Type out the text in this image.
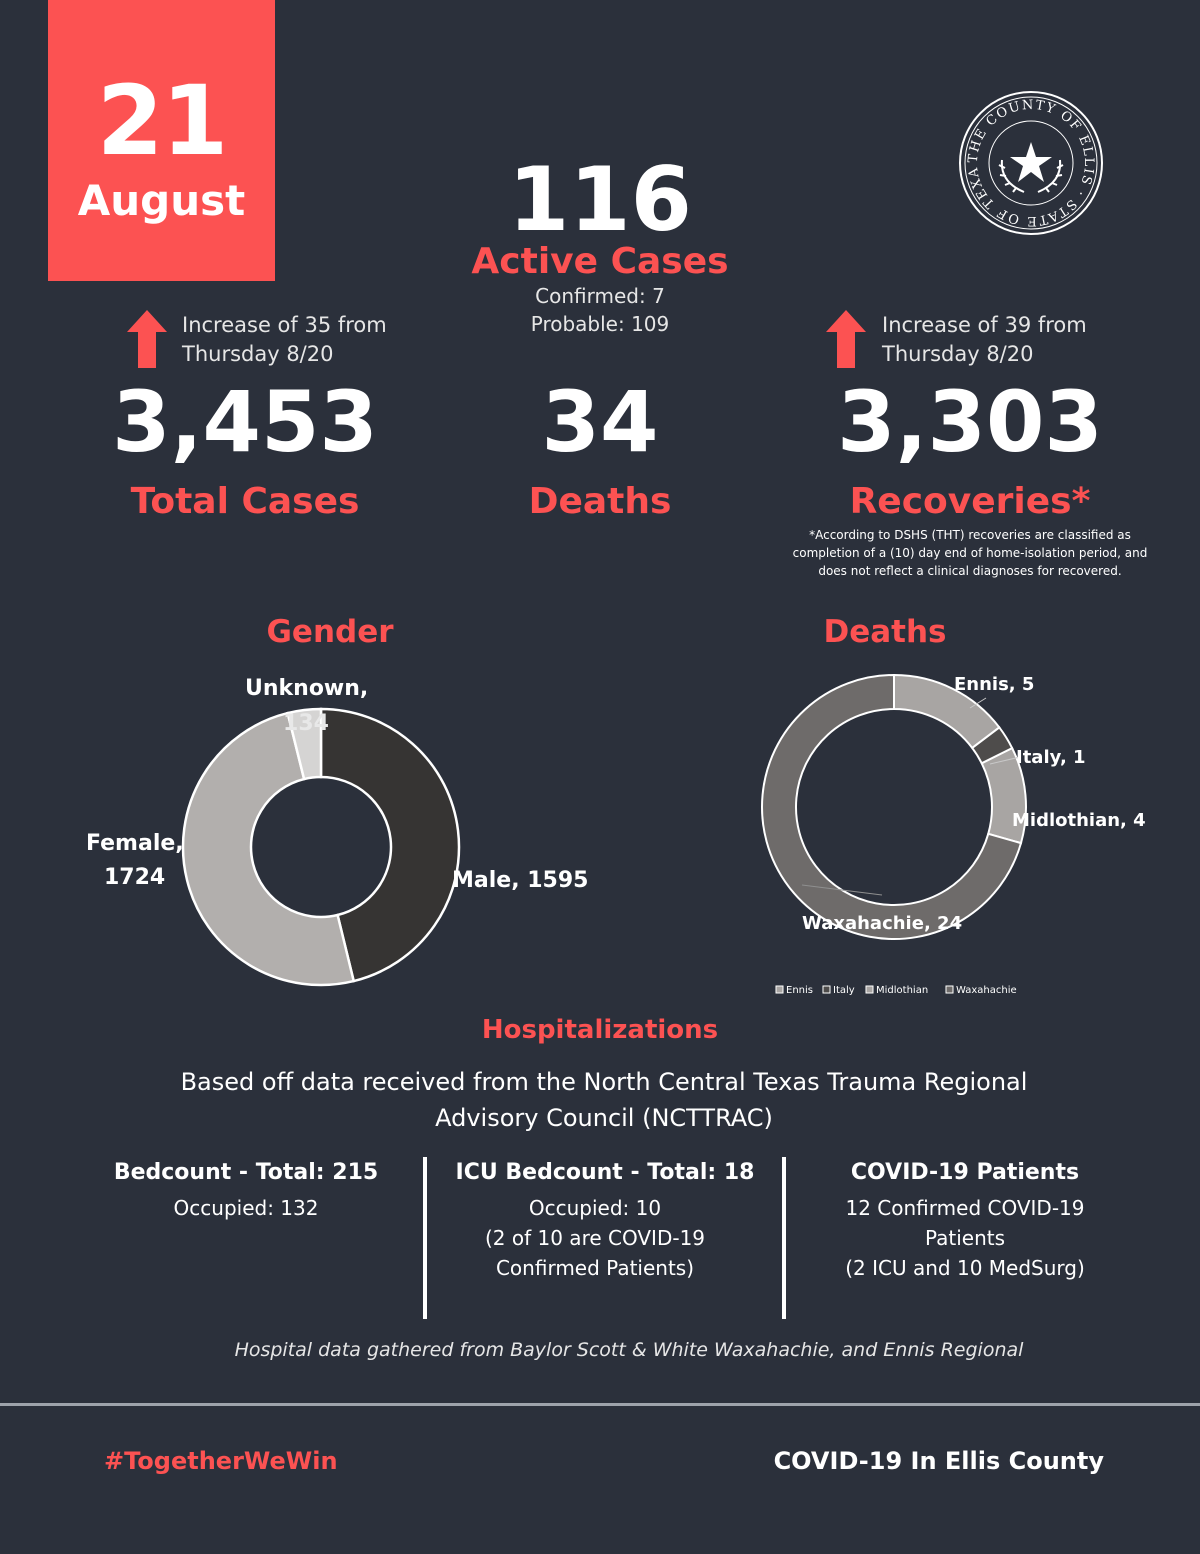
21
August
THE COUNTY OF ELLIS · STATE OF TEXA
116
Active Cases
Confirmed: 7
Probable: 109
Increase of 35 from
Thursday 8/20
3,453
Total Cases
34
Deaths
Increase of 39 from
Thursday 8/20
3,303
Recoveries*
*According to DSHS (THT) recoveries are classified as completion of a (10) day end of home-isolation period, and does not reflect a clinical diagnoses for recovered.
Gender
Unknown,
134
Female,
1724	Male, 1595
Deaths
Ennis, 5
Italy, 1
Midlothian, 4
Waxahachie, 24
Ennis Italy Midlothian	Waxahachie
Hospitalizations
Based off data received from the North Central Texas Trauma Regional
Advisory Council (NCTTRAC)
Bedcount - Total: 215
Occupied: 132
ICU Bedcount - Total: 18
Occupied: 10
(2 of 10 are COVID-19
Confirmed Patients)
COVID-19 Patients
12 Confirmed COVID-19
Patients
(2 ICU and 10 MedSurg)
Hospital data gathered from Baylor Scott & White Waxahachie, and Ennis Regional
#TogetherWeWin	COVID-19 In Ellis County
